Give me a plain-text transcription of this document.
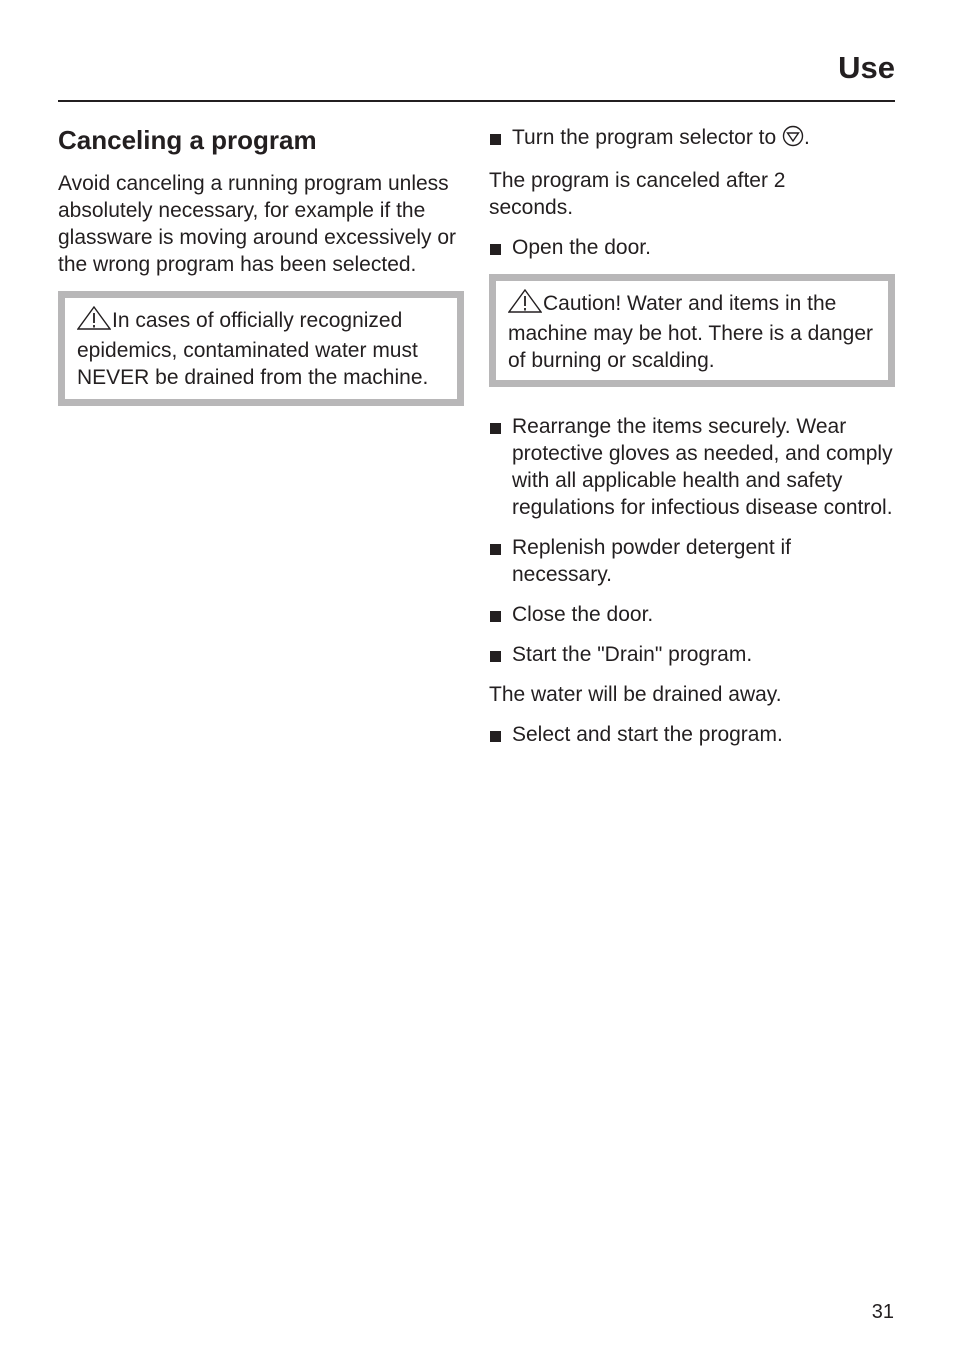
Use
Canceling a program

Avoid canceling a running program unless absolutely necessary, for example if the glassware is moving around excessively or the wrong program has been selected.

In cases of officially recognized epidemics, contaminated water must NEVER be drained from the machine.
Turn the program selector to .

The program is canceled after 2 seconds.

Open the door.
Caution! Water and items in the machine may be hot. There is a danger of burning or scalding.
Rearrange the items securely. Wear protective gloves as needed, and comply with all applicable health and safety regulations for infectious disease control.
Replenish powder detergent if necessary.
Close the door.
Start the "Drain" program.

The water will be drained away.

Select and start the program.
31
